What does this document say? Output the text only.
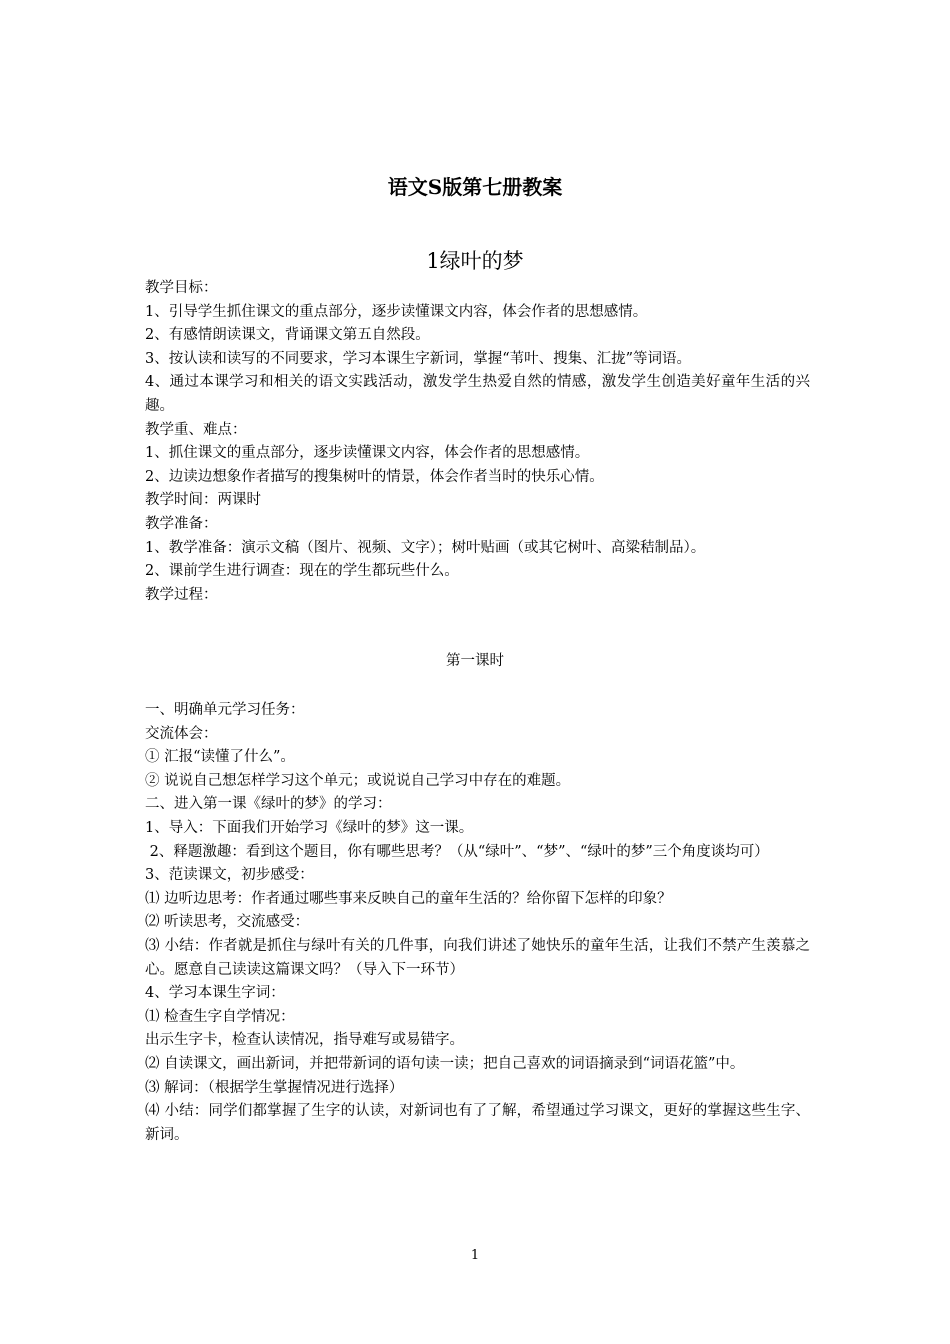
语文S版第七册教案
1绿叶的梦

教学目标：

1、引导学生抓住课文的重点部分，逐步读懂课文内容，体会作者的思想感情。

2、有感情朗读课文，背诵课文第五自然段。

3、按认读和读写的不同要求，学习本课生字新词，掌握“苇叶、搜集、汇拢”等词语。

4、通过本课学习和相关的语文实践活动，激发学生热爱自然的情感，激发学生创造美好童年生活的兴趣。

教学重、难点：

1、抓住课文的重点部分，逐步读懂课文内容，体会作者的思想感情。

2、边读边想象作者描写的搜集树叶的情景，体会作者当时的快乐心情。

教学时间：两课时

教学准备：

1、教学准备：演示文稿（图片、视频、文字）；树叶贴画（或其它树叶、高粱秸制品）。

2、课前学生进行调查：现在的学生都玩些什么。

教学过程：

第一课时

一、明确单元学习任务：

交流体会：

① 汇报“读懂了什么”。

② 说说自己想怎样学习这个单元；或说说自己学习中存在的难题。

二、进入第一课《绿叶的梦》的学习：

1、导入：下面我们开始学习《绿叶的梦》这一课。

2、释题激趣：看到这个题目，你有哪些思考？（从“绿叶”、“梦”、“绿叶的梦”三个角度谈均可）

3、范读课文，初步感受：

⑴ 边听边思考：作者通过哪些事来反映自己的童年生活的？给你留下怎样的印象？

⑵ 听读思考，交流感受：

⑶ 小结：作者就是抓住与绿叶有关的几件事，向我们讲述了她快乐的童年生活，让我们不禁产生羡慕之心。愿意自己读读这篇课文吗？（导入下一环节）

4、学习本课生字词：

⑴ 检查生字自学情况：

出示生字卡，检查认读情况，指导难写或易错字。

⑵ 自读课文，画出新词，并把带新词的语句读一读；把自己喜欢的词语摘录到“词语花篮”中。

⑶ 解词：（根据学生掌握情况进行选择）

⑷ 小结：同学们都掌握了生字的认读，对新词也有了了解，希望通过学习课文，更好的掌握这些生字、新词。

1
